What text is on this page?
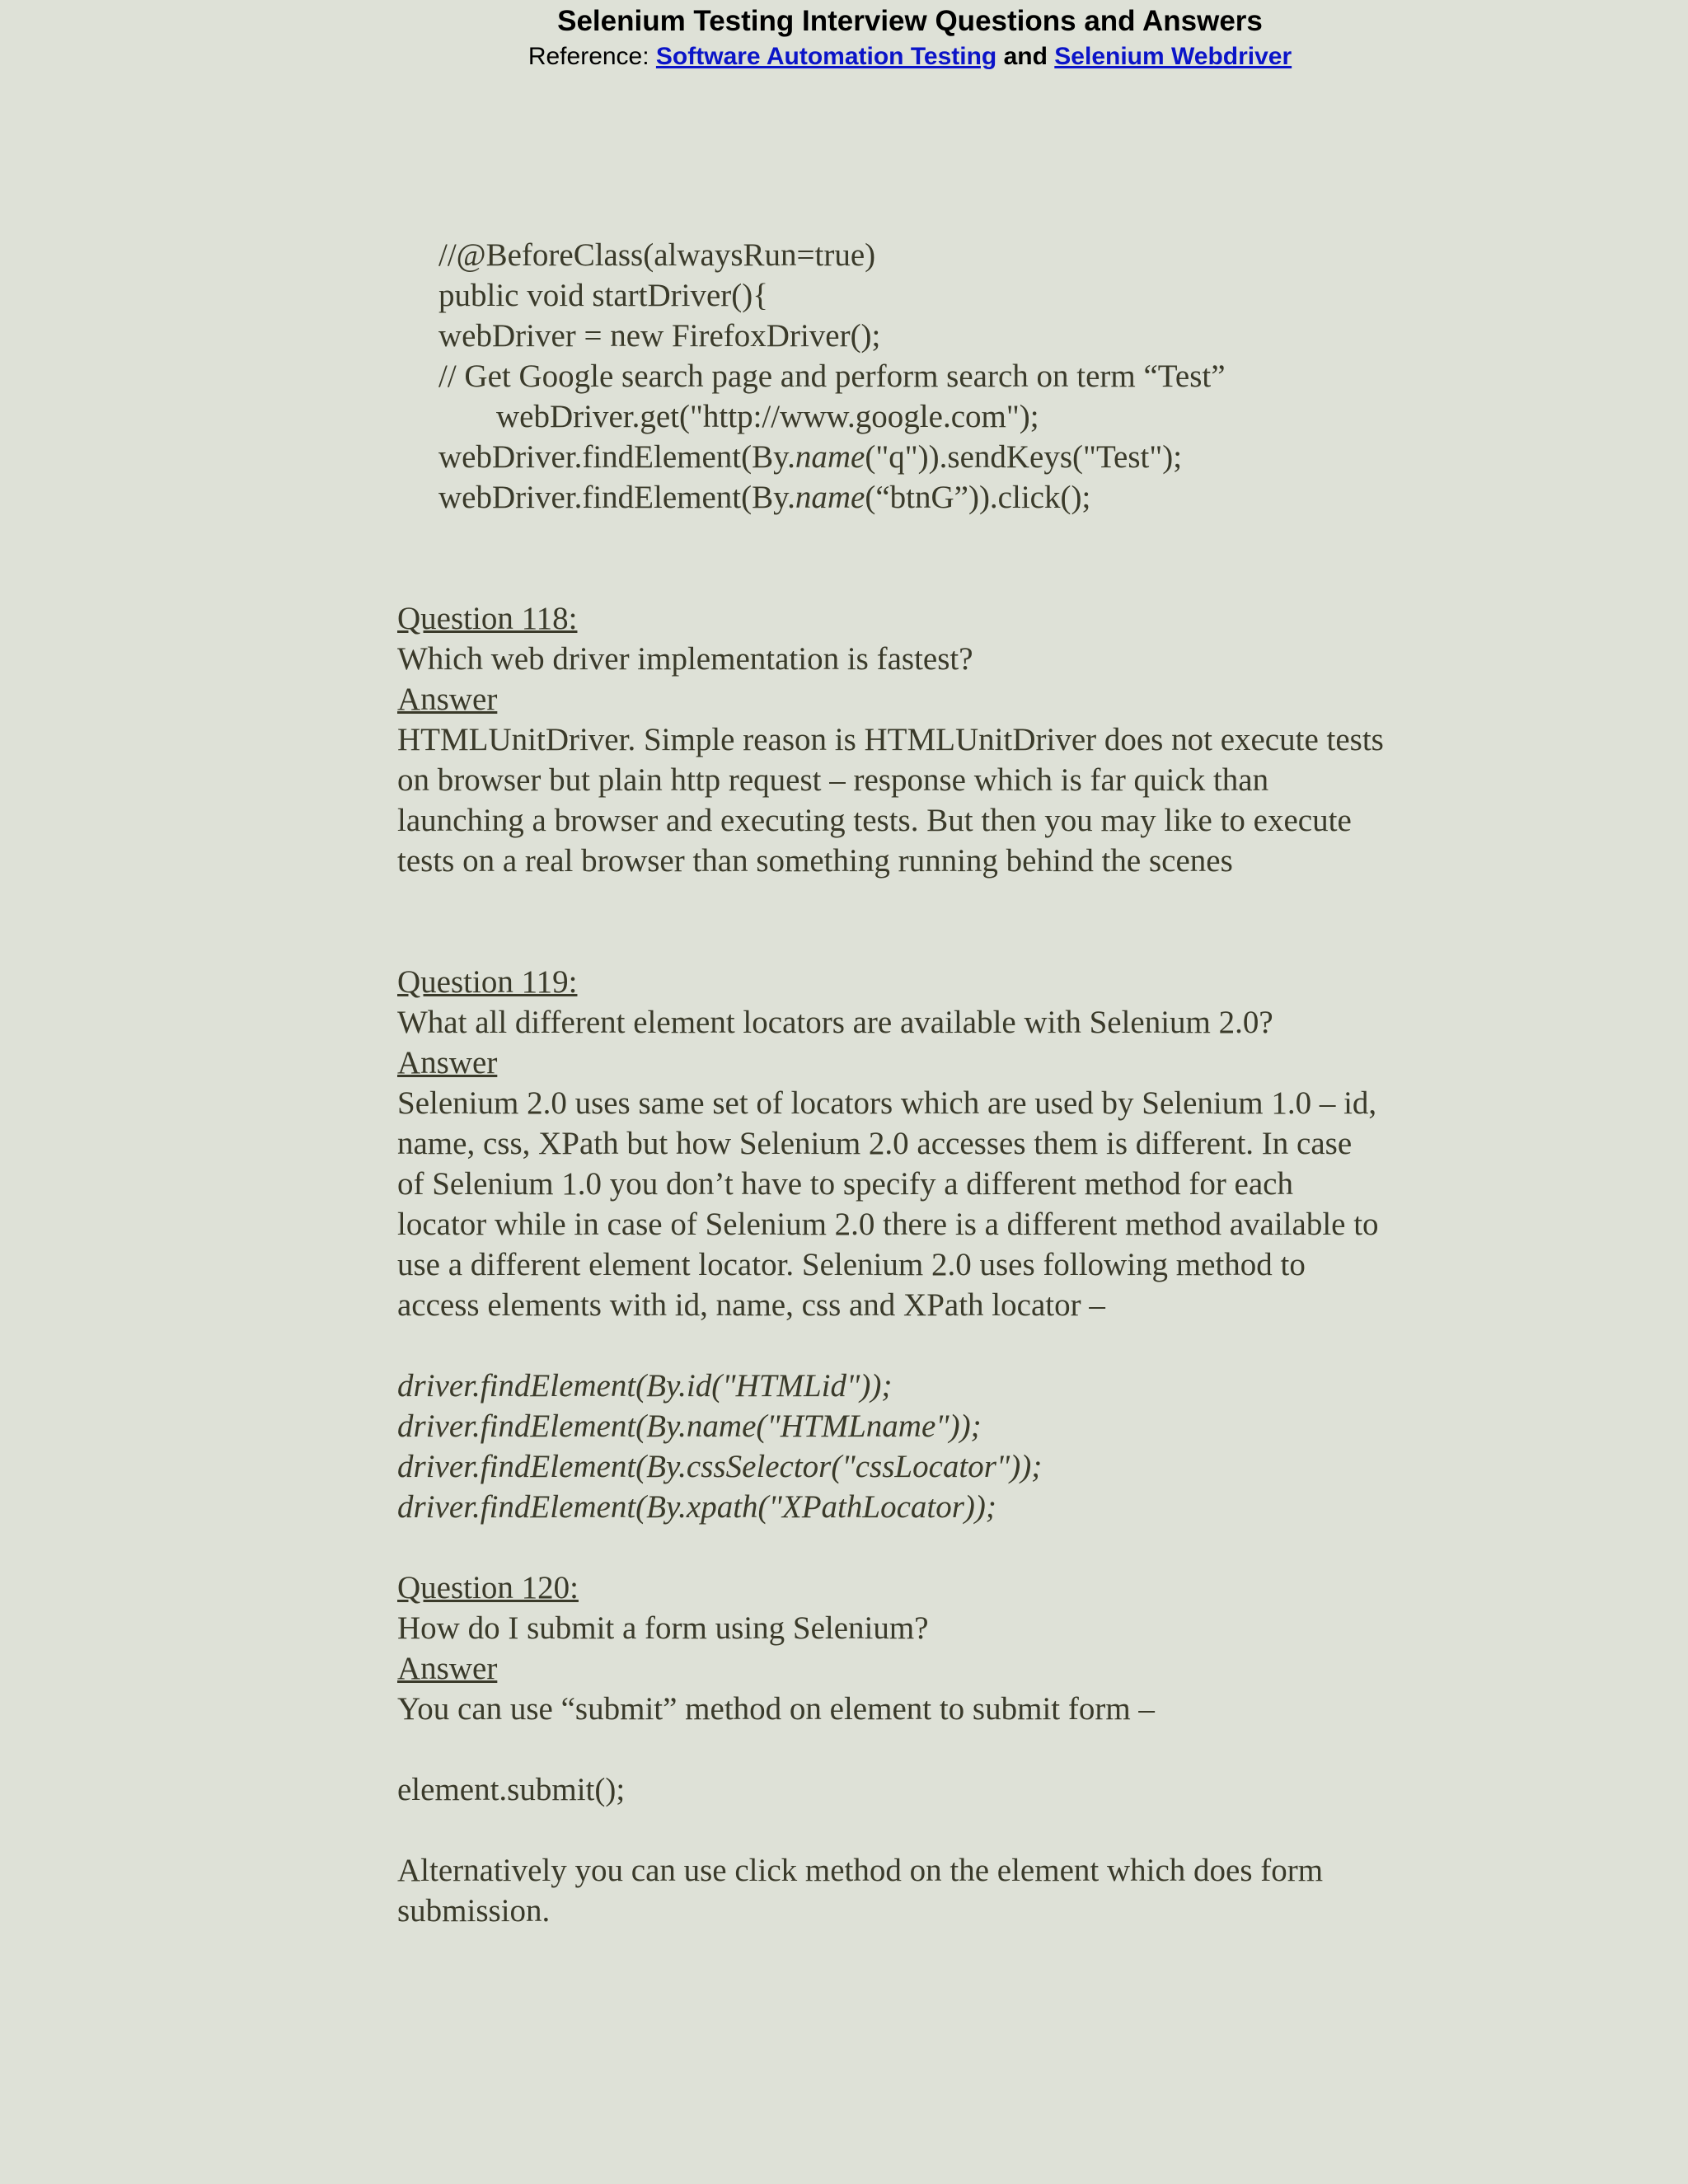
Selenium Testing Interview Questions and Answers
Reference: Software Automation Testing and Selenium Webdriver
//@BeforeClass(alwaysRun=true)
public void startDriver(){
webDriver = new FirefoxDriver();
// Get Google search page and perform search on term “Test”
webDriver.get("http://www.google.com");
webDriver.findElement(By.name("q")).sendKeys("Test");
webDriver.findElement(By.name(“btnG”)).click();
Question 118:

Which web driver implementation is fastest?

Answer

HTMLUnitDriver. Simple reason is HTMLUnitDriver does not execute tests

on browser but plain http request – response which is far quick than

launching a browser and executing tests. But then you may like to execute

tests on a real browser than something running behind the scenes

Question 119:

What all different element locators are available with Selenium 2.0?

Answer

Selenium 2.0 uses same set of locators which are used by Selenium 1.0 – id,

name, css, XPath but how Selenium 2.0 accesses them is different. In case

of Selenium 1.0 you don’t have to specify a different method for each

locator while in case of Selenium 2.0 there is a different method available to

use a different element locator. Selenium 2.0 uses following method to

access elements with id, name, css and XPath locator –

driver.findElement(By.id("HTMLid"));

driver.findElement(By.name("HTMLname"));

driver.findElement(By.cssSelector("cssLocator"));

driver.findElement(By.xpath("XPathLocator));

Question 120:

How do I submit a form using Selenium?

Answer

You can use “submit” method on element to submit form –

element.submit();

Alternatively you can use click method on the element which does form

submission.
